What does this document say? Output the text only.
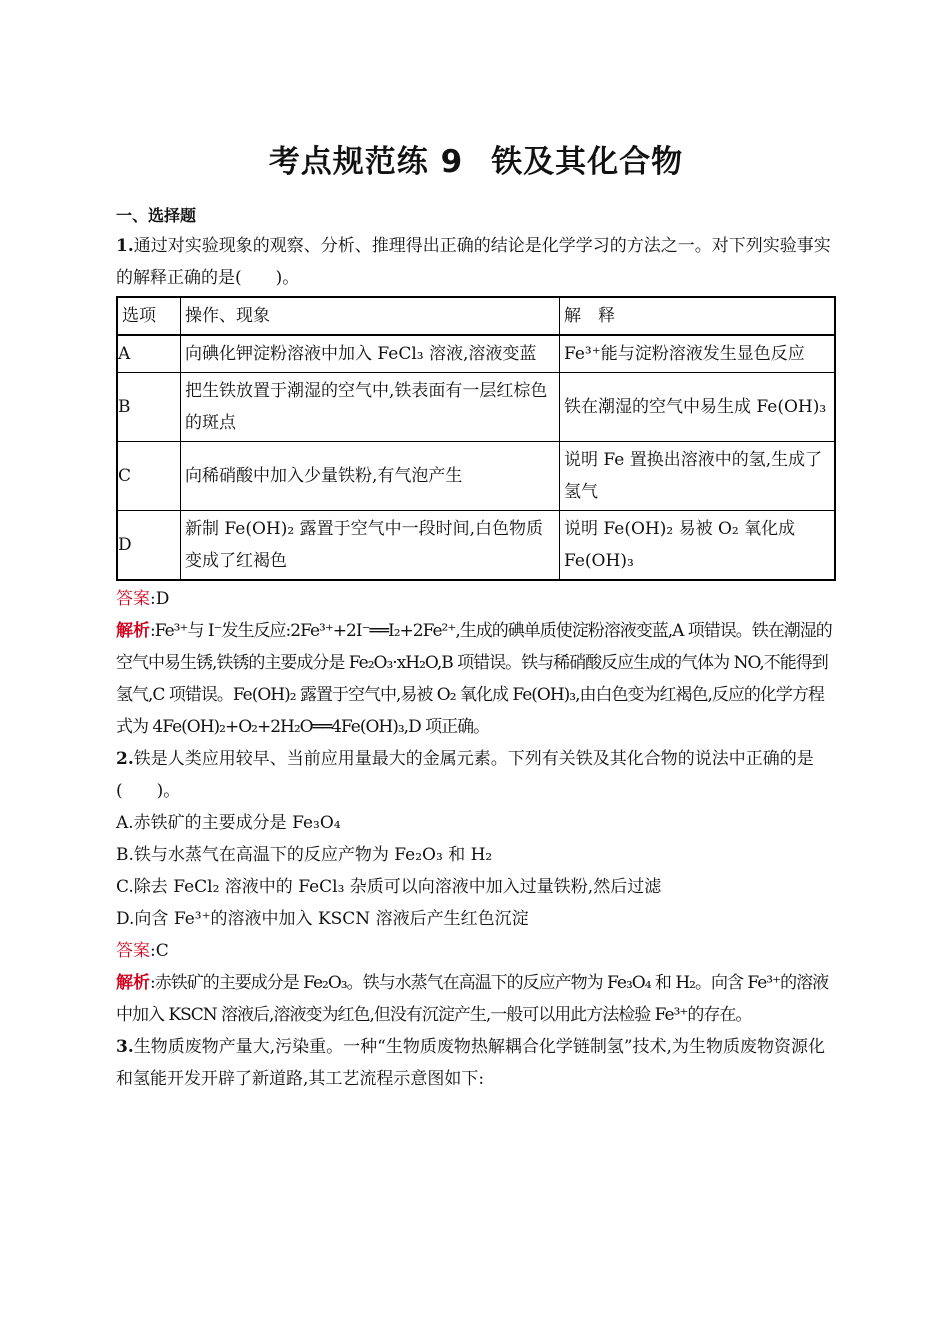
考点规范练 9 铁及其化合物
一、选择题

1.通过对实验现象的观察、分析、推理得出正确的结论是化学学习的方法之一。对下列实验事实的解释正确的是(　　)。

选项	操作、现象	解　释
A	向碘化钾淀粉溶液中加入 FeCl₃ 溶液,溶液变蓝	Fe³⁺能与淀粉溶液发生显色反应
B	把生铁放置于潮湿的空气中,铁表面有一层红棕色的斑点	铁在潮湿的空气中易生成 Fe(OH)₃
C	向稀硝酸中加入少量铁粉,有气泡产生	说明 Fe 置换出溶液中的氢,生成了氢气
D	新制 Fe(OH)₂ 露置于空气中一段时间,白色物质变成了红褐色	说明 Fe(OH)₂ 易被 O₂ 氧化成 Fe(OH)₃

答案:D

解析:Fe³⁺与 I⁻发生反应:2Fe³⁺+2I⁻══I₂+2Fe²⁺,生成的碘单质使淀粉溶液变蓝,A 项错误。铁在潮湿的空气中易生锈,铁锈的主要成分是 Fe₂O₃·xH₂O,B 项错误。铁与稀硝酸反应生成的气体为 NO,不能得到氢气,C 项错误。Fe(OH)₂ 露置于空气中,易被 O₂ 氧化成 Fe(OH)₃,由白色变为红褐色,反应的化学方程式为 4Fe(OH)₂+O₂+2H₂O══4Fe(OH)₃,D 项正确。

2.铁是人类应用较早、当前应用量最大的金属元素。下列有关铁及其化合物的说法中正确的是(　　)。

A.赤铁矿的主要成分是 Fe₃O₄

B.铁与水蒸气在高温下的反应产物为 Fe₂O₃ 和 H₂

C.除去 FeCl₂ 溶液中的 FeCl₃ 杂质可以向溶液中加入过量铁粉,然后过滤

D.向含 Fe³⁺的溶液中加入 KSCN 溶液后产生红色沉淀

答案:C

解析:赤铁矿的主要成分是 Fe₂O₃。铁与水蒸气在高温下的反应产物为 Fe₃O₄ 和 H₂。向含 Fe³⁺的溶液中加入 KSCN 溶液后,溶液变为红色,但没有沉淀产生,一般可以用此方法检验 Fe³⁺的存在。

3.生物质废物产量大,污染重。一种“生物质废物热解耦合化学链制氢”技术,为生物质废物资源化和氢能开发开辟了新道路,其工艺流程示意图如下:
